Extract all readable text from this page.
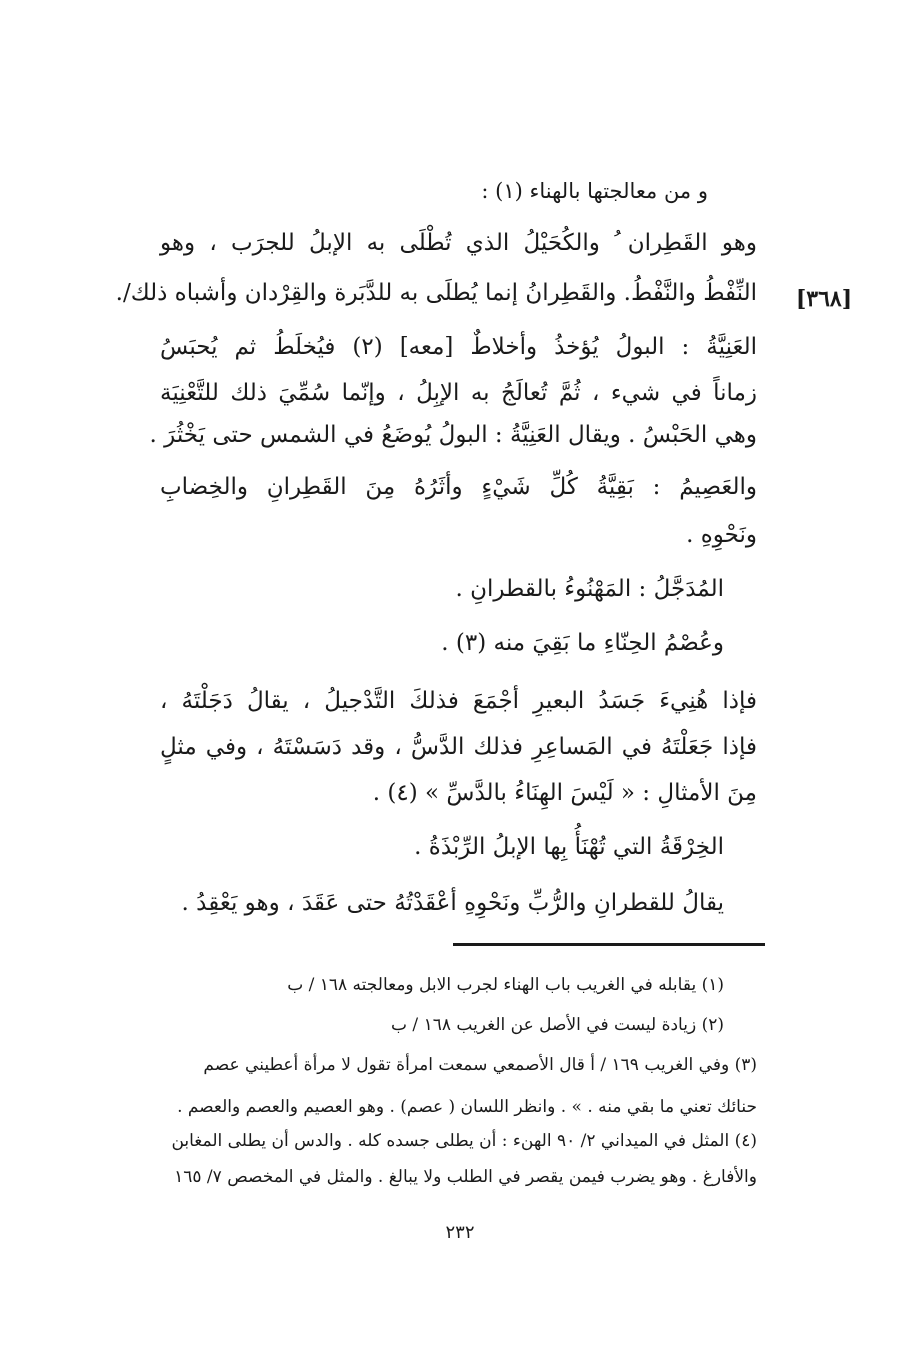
و من معالجتها بالهناء (١) :
وهو القَطِران ُ والكُحَيْلُ الذي تُطْلَى به الإبلُ للجرَب ، وهو
النِّفْطُ والنَّفْطُ. والقَطِرانُ إنما يُطلَى به للدَّبَرة والقِرْدان وأشباه ذلك/.	[٣٦٨]
العَنِيَّةُ : البولُ يُؤخذُ وأخلاطٌ [معه] (٢) فيُخلَطُ ثم يُحبَسُ
زماناً في شيء ، ثُمَّ تُعالَجُ به الإبِلُ ، وإنّما سُمِّيَ ذلك للتَّعْنِيَة
وهي الحَبْسُ . ويقال العَنِيَّةُ : البولُ يُوضَعُ في الشمس حتى يَخْثُرَ .
والعَصِيمُ : بَقِيَّةُ كُلِّ شَيْءٍ وأثَرُهُ مِنَ القَطِرانِ والخِضابِ
ونَحْوِهِ .
المُدَجَّلُ : المَهْنُوءُ بالقطرانِ .
وعُصْمُ الحِنّاءِ ما بَقِيَ منه (٣) .
فإذا هُنِيءَ جَسَدُ البعيرِ أجْمَعَ فذلكَ التَّدْجيلُ ، يقالُ دَجَلْتَهُ ،
فإذا جَعَلْتَهُ في المَساعِرِ فذلك الدَّسُّ ، وقد دَسَسْتَهُ ، وفي مثلٍ
مِنَ الأمثالِ : « لَيْسَ الهِنَاءُ بالدَّسِّ » (٤) .
الخِرْقَةُ التي تُهْنَأُ بِها الإبلُ الرِّبْذَةُ .
يقالُ للقطرانِ والرُّبِّ ونَحْوِهِ أعْقَدْتُهُ حتى عَقَدَ ، وهو يَعْقِدُ .
(١) يقابله في الغريب باب الهناء لجرب الابل ومعالجته ١٦٨ / ب
(٢) زيادة ليست في الأصل عن الغريب ١٦٨ / ب
(٣) وفي الغريب ١٦٩ / أ قال الأصمعي سمعت امرأة تقول لا مرأة أعطيني عصم
حنائك تعني ما بقي منه . » . وانظر اللسان ( عصم) . وهو العصيم والعصم والعصم .
(٤) المثل في الميداني ٢/ ٩٠ الهنء : أن يطلى جسده كله . والدس أن يطلى المغابن
والأفارغ . وهو يضرب فيمن يقصر في الطلب ولا يبالغ . والمثل في المخصص ٧/ ١٦٥
٢٣٢
